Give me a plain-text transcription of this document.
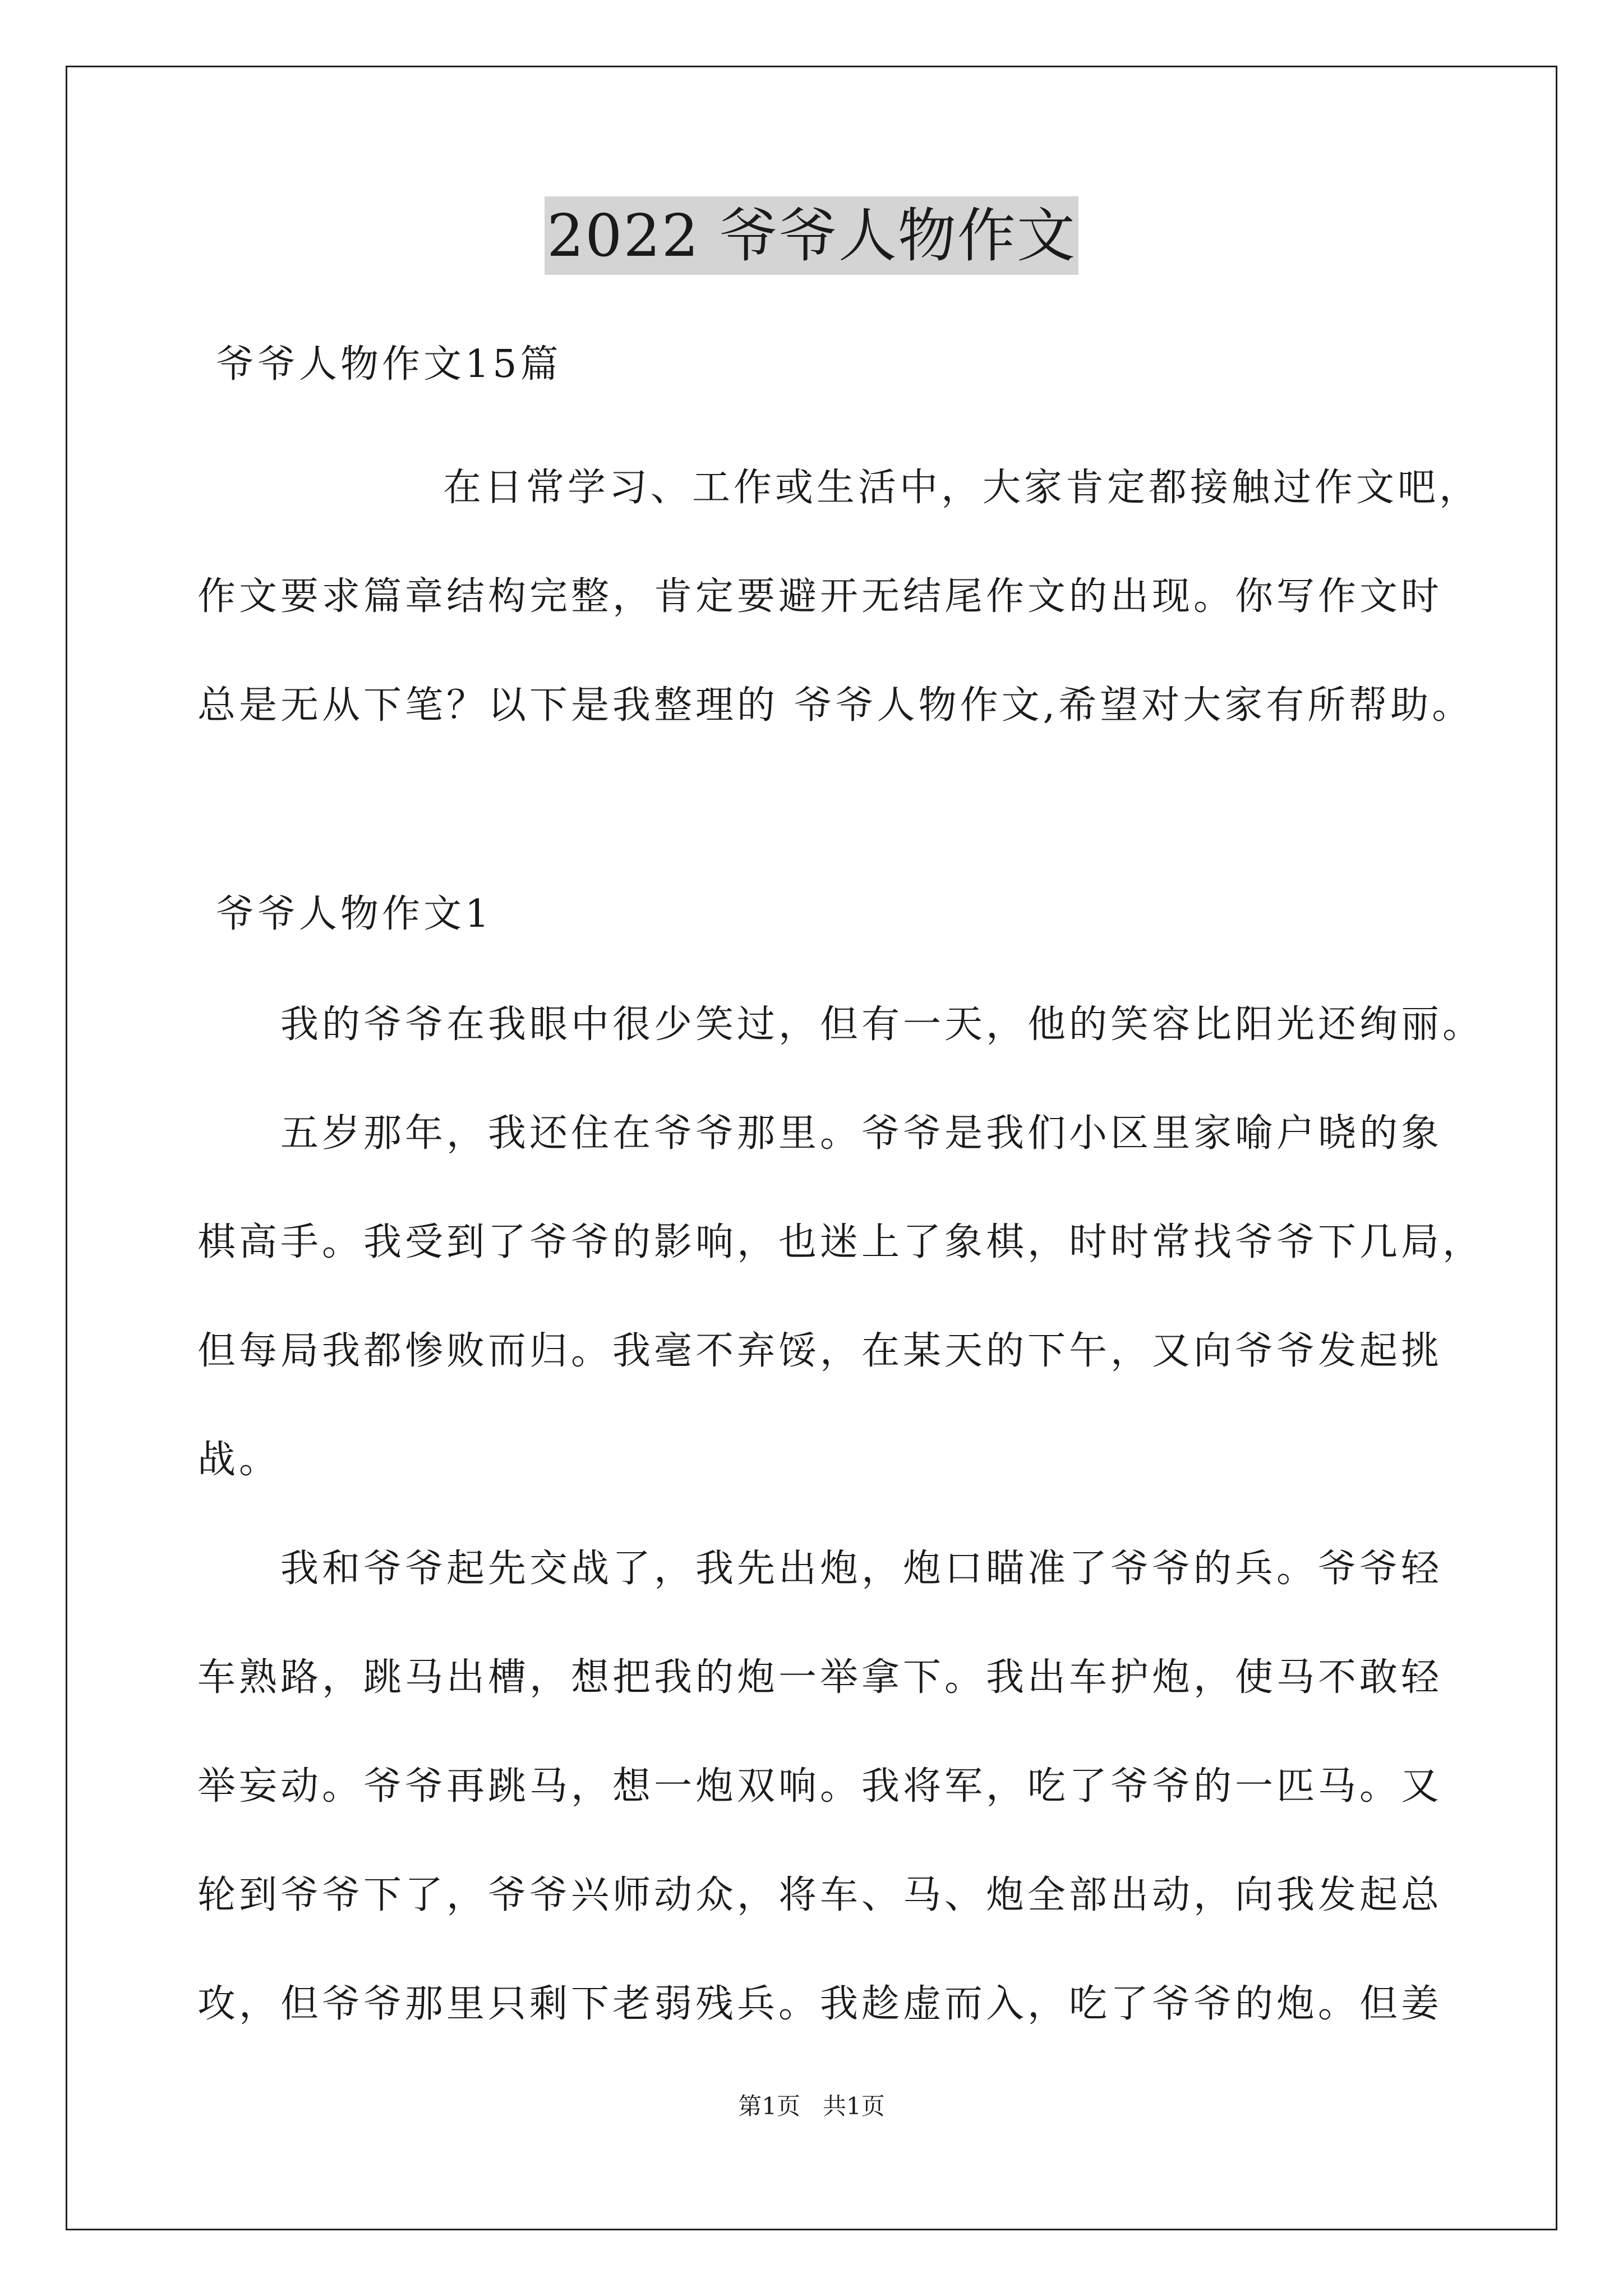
2022 爷爷人物作文
爷爷人物作文15篇
在日常学习、工作或生活中，大家肯定都接触过作文吧，
作文要求篇章结构完整，肯定要避开无结尾作文的出现。你写作文时
总是无从下笔？以下是我整理的 爷爷人物作文,希望对大家有所帮助。
爷爷人物作文1
我的爷爷在我眼中很少笑过，但有一天，他的笑容比阳光还绚丽。
五岁那年，我还住在爷爷那里。爷爷是我们小区里家喻户晓的象
棋高手。我受到了爷爷的影响，也迷上了象棋，时时常找爷爷下几局，
但每局我都惨败而归。我毫不弃馁，在某天的下午，又向爷爷发起挑
战。
我和爷爷起先交战了，我先出炮，炮口瞄准了爷爷的兵。爷爷轻
车熟路，跳马出槽，想把我的炮一举拿下。我出车护炮，使马不敢轻
举妄动。爷爷再跳马，想一炮双响。我将军，吃了爷爷的一匹马。又
轮到爷爷下了，爷爷兴师动众，将车、马、炮全部出动，向我发起总
攻，但爷爷那里只剩下老弱残兵。我趁虚而入，吃了爷爷的炮。但姜
第1页   共1页
